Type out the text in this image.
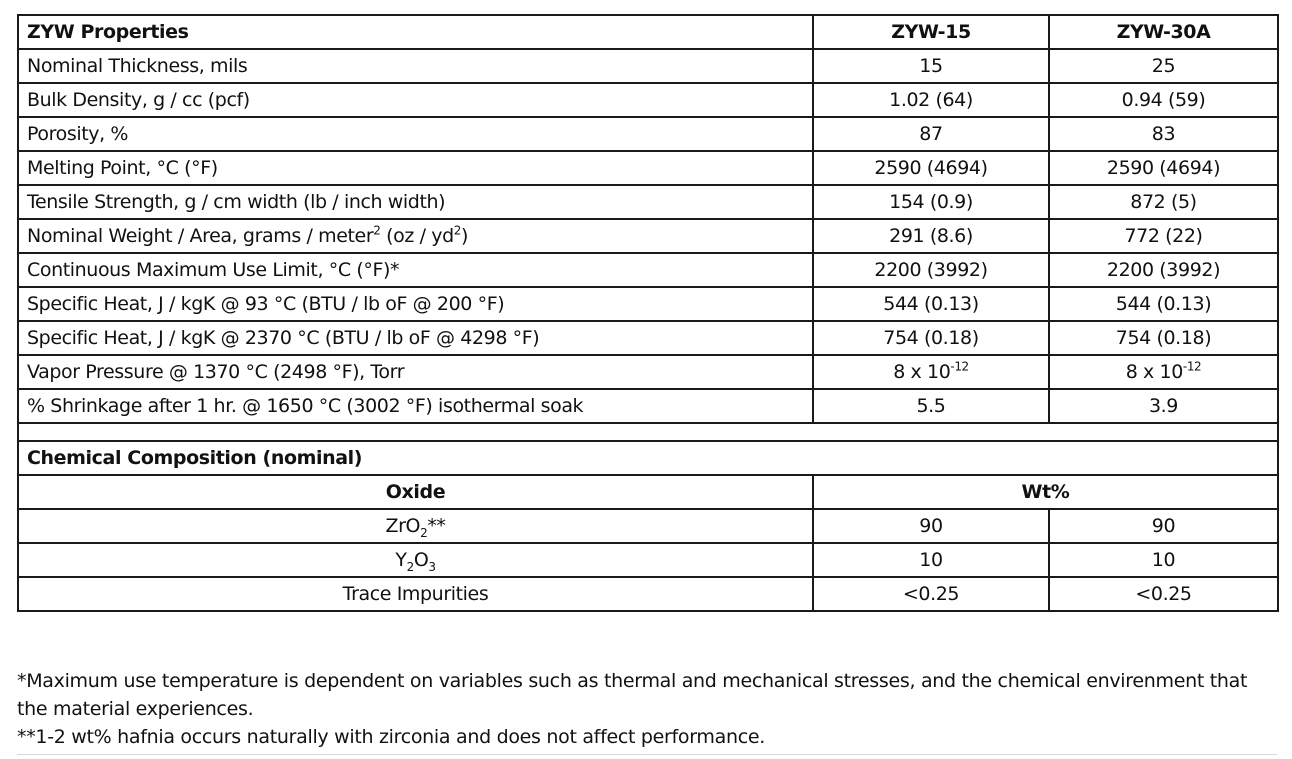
ZYW Properties	ZYW-15	ZYW-30A
Nominal Thickness, mils	15	25
Bulk Density, g / cc (pcf)	1.02 (64)	0.94 (59)
Porosity, %	87	83
Melting Point, °C (°F)	2590 (4694)	2590 (4694)
Tensile Strength, g / cm width (lb / inch width)	154 (0.9)	872 (5)
Nominal Weight / Area, grams / meter$^2$ $(oz / yd^2)$	291 (8.6)	772 (22)
Continuous Maximum Use Limit, °C (°F)*	2200 (3992)	2200 (3992)
Specific Heat, J / kgK @ 93 °C (BTU / lb oF @ 200 °F)	544 (0.13)	544 (0.13)
Specific Heat, J / kgK @ 2370 °C (BTU / lb oF @ 4298 °F)	754 (0.18)	754 (0.18)
Vapor Pressure @ 1370 °C (2498 °F), Torr	8 x $10^{-12}$	8 x $10^{-12}$
% Shrinkage after 1 hr. @ 1650 °C (3002 °F) isothermal soak	5.5	3.9

Chemical Composition (nominal)		
Oxide	Wt%	
ZrO$_2$**	90	90
$Y_2O_3$	10	10
Trace Impurities	<0.25	<0.25

*Maximum use temperature is dependent on variables such as thermal and mechanical stresses, and the chemical envirenment that the material experiences.

**1-2 wt% hafnia occurs naturally with zirconia and does not affect performance.
